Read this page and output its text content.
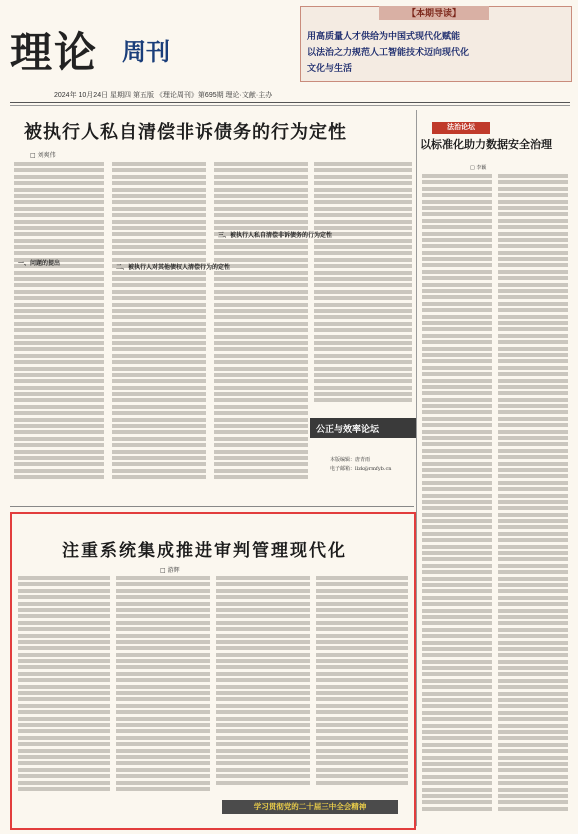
理论 周刊
2024年 10月24日 星期四 第五版 《理论周刊》第695期 理论·文献·主办
【本期导读】
用高质量人才供给为中国式现代化赋能
以法治之力规范人工智能技术迈向现代化
文化与生活
被执行人私自清偿非诉债务的行为定性
□ 刘爽伟
一、问题的提出
二、被执行人对其他债权人清偿行为的定性
三、被执行人私自清偿非诉债务的行为定性
公正与效率论坛
本版编辑：唐青雨
电子邮箱：llzk@rmfyb.cn
法治论坛
以标准化助力数据安全治理
□ 李颖
注重系统集成推进审判管理现代化
□ 游辉
学习贯彻党的二十届三中全会精神
